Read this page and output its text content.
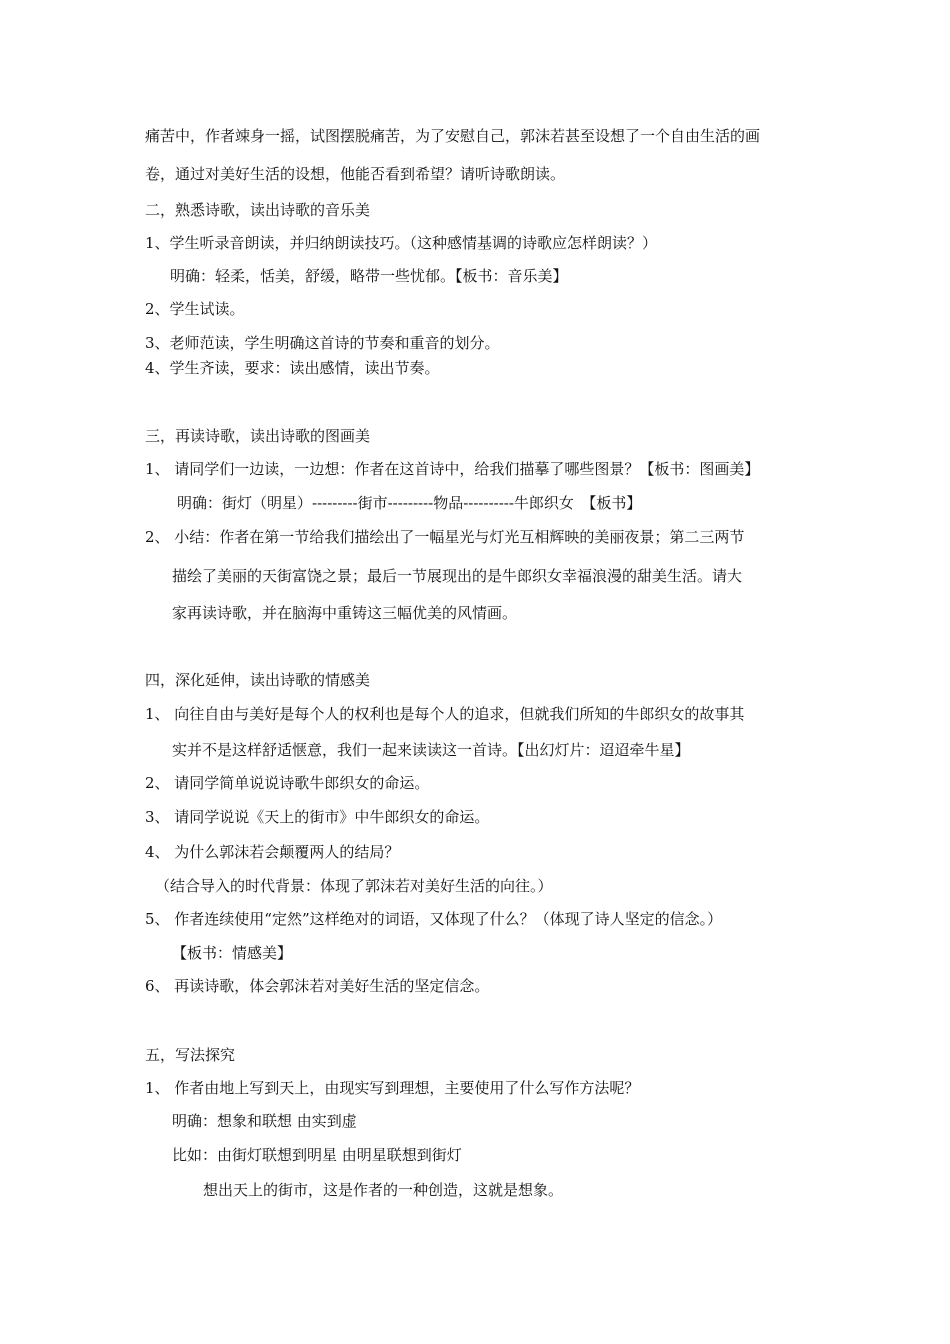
痛苦中，作者竦身一摇，试图摆脱痛苦，为了安慰自己，郭沫若甚至设想了一个自由生活的画
卷，通过对美好生活的设想，他能否看到希望？请听诗歌朗读。
二，熟悉诗歌，读出诗歌的音乐美
1、学生听录音朗读，并归纳朗读技巧。（这种感情基调的诗歌应怎样朗读？）
明确：轻柔，恬美，舒缓，略带一些忧郁。【板书：音乐美】
2、学生试读。
3、老师范读，学生明确这首诗的节奏和重音的划分。
4、学生齐读，要求：读出感情，读出节奏。
三，再读诗歌，读出诗歌的图画美
1、 请同学们一边读，一边想：作者在这首诗中，给我们描摹了哪些图景？【板书：图画美】
明确：街灯（明星）---------街市---------物品----------牛郎织女　【板书】
2、 小结：作者在第一节给我们描绘出了一幅星光与灯光互相辉映的美丽夜景；第二三两节
描绘了美丽的天街富饶之景；最后一节展现出的是牛郎织女幸福浪漫的甜美生活。请大
家再读诗歌，并在脑海中重铸这三幅优美的风情画。
四，深化延伸，读出诗歌的情感美
1、 向往自由与美好是每个人的权利也是每个人的追求，但就我们所知的牛郎织女的故事其
实并不是这样舒适惬意，我们一起来读读这一首诗。【出幻灯片：迢迢牵牛星】
2、 请同学简单说说诗歌牛郎织女的命运。
3、 请同学说说《天上的街市》中牛郎织女的命运。
4、 为什么郭沫若会颠覆两人的结局？
（结合导入的时代背景：体现了郭沫若对美好生活的向往。）
5、 作者连续使用“定然”这样绝对的词语，又体现了什么？（体现了诗人坚定的信念。）
【板书：情感美】
6、 再读诗歌，体会郭沫若对美好生活的坚定信念。
五，写法探究
1、 作者由地上写到天上，由现实写到理想，主要使用了什么写作方法呢？
明确：想象和联想 由实到虚
比如：由街灯联想到明星 由明星联想到街灯
想出天上的街市，这是作者的一种创造，这就是想象。
